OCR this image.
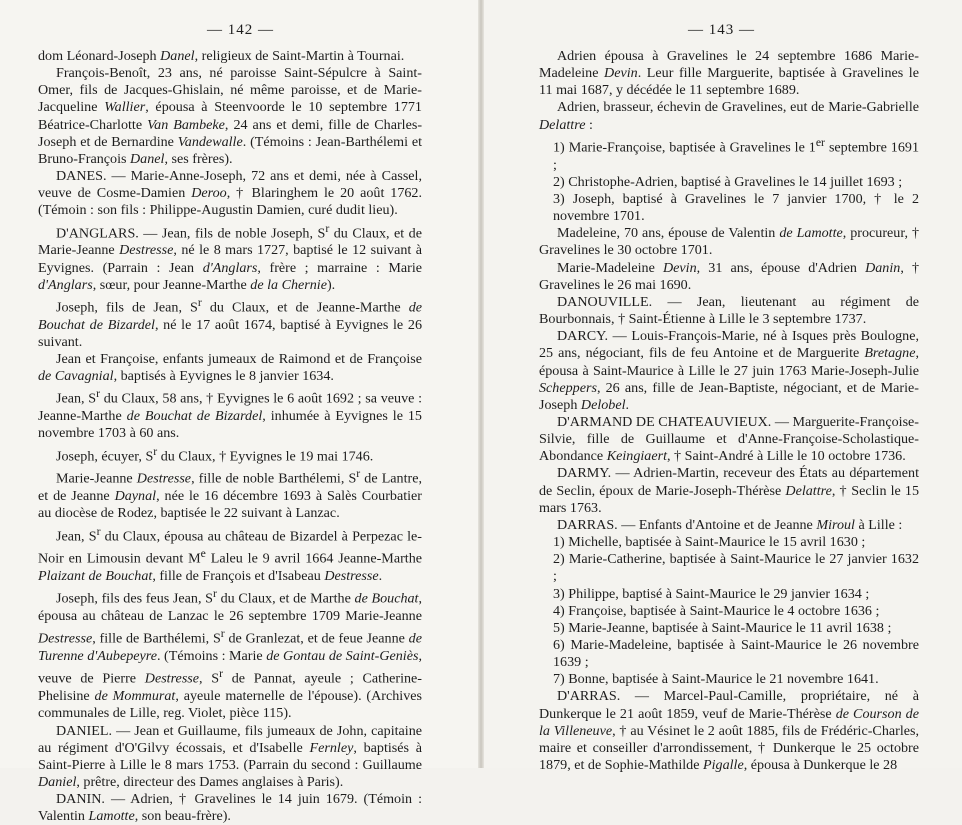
— 142 —

dom Léonard-Joseph Danel, religieux de Saint-Martin à Tournai.

François-Benoît, 23 ans, né paroisse Saint-Sépulcre à Saint-Omer, fils de Jacques-Ghislain, né même paroisse, et de Marie-Jacqueline Wallier, épousa à Steenvoorde le 10 septembre 1771 Béatrice-Charlotte Van Bambeke, 24 ans et demi, fille de Charles-Joseph et de Bernardine Vandewalle. (Témoins : Jean-Barthélemi et Bruno-François Danel, ses frères).

DANES. — Marie-Anne-Joseph, 72 ans et demi, née à Cassel, veuve de Cosme-Damien Deroo, † Blaringhem le 20 août 1762. (Témoin : son fils : Philippe-Augustin Damien, curé dudit lieu).

D'ANGLARS. — Jean, fils de noble Joseph, $S^r$ du Claux, et de Marie-Jeanne Destresse, né le 8 mars 1727, baptisé le 12 suivant à Eyvignes. (Parrain : Jean d'Anglars, frère ; marraine : Marie d'Anglars, sœur, pour Jeanne-Marthe de la Chernie).

Joseph, fils de Jean, $S^r$ du Claux, et de Jeanne-Marthe de Bouchat de Bizardel, né le 17 août 1674, baptisé à Eyvignes le 26 suivant.

Jean et Françoise, enfants jumeaux de Raimond et de Françoise de Cavagnial, baptisés à Eyvignes le 8 janvier 1634.

Jean, $S^r$ du Claux, 58 ans, † Eyvignes le 6 août 1692 ; sa veuve : Jeanne-Marthe de Bouchat de Bizardel, inhumée à Eyvignes le 15 novembre 1703 à 60 ans.

Joseph, écuyer, $S^r$ du Claux, † Eyvignes le 19 mai 1746.

Marie-Jeanne Destresse, fille de noble Barthélemi, $S^r$ de Lantre, et de Jeanne Daynal, née le 16 décembre 1693 à Salès Courbatier au diocèse de Rodez, baptisée le 22 suivant à Lanzac.

Jean, $S^r$ du Claux, épousa au château de Bizardel à Perpezac le-Noir en Limousin devant Me Laleu le 9 avril 1664 Jeanne-Marthe Plaizant de Bouchat, fille de François et d'Isabeau Destresse.

Joseph, fils des feus Jean, $S^r$ du Claux, et de Marthe de Bouchat, épousa au château de Lanzac le 26 septembre 1709 Marie-Jeanne Destresse, fille de Barthélemi, $S^r$ de Granlezat, et de feue Jeanne de Turenne d'Aubepeyre. (Témoins : Marie de Gontau de Saint-Geniès, veuve de Pierre Destresse, $S^r$ de Pannat, ayeule ; Catherine-Phelisine de Mommurat, ayeule maternelle de l'épouse). (Archives communales de Lille, reg. Violet, pièce 115).

DANIEL. — Jean et Guillaume, fils jumeaux de John, capitaine au régiment d'O'Gilvy écossais, et d'Isabelle Fernley, baptisés à Saint-Pierre à Lille le 8 mars 1753. (Parrain du second : Guillaume Daniel, prêtre, directeur des Dames anglaises à Paris).

DANIN. — Adrien, † Gravelines le 14 juin 1679. (Témoin : Valentin Lamotte, son beau-frère).

— 143 —

Adrien épousa à Gravelines le 24 septembre 1686 Marie-Madeleine Devin. Leur fille Marguerite, baptisée à Gravelines le 11 mai 1687, y décédée le 11 septembre 1689.

Adrien, brasseur, échevin de Gravelines, eut de Marie-Gabrielle Delattre :

1) Marie-Françoise, baptisée à Gravelines le 1er septembre 1691 ;

2) Christophe-Adrien, baptisé à Gravelines le 14 juillet 1693 ;

3) Joseph, baptisé à Gravelines le 7 janvier 1700, † le 2 novembre 1701.

Madeleine, 70 ans, épouse de Valentin de Lamotte, procureur, † Gravelines le 30 octobre 1701.

Marie-Madeleine Devin, 31 ans, épouse d'Adrien Danin, † Gravelines le 26 mai 1690.

DANOUVILLE. — Jean, lieutenant au régiment de Bourbonnais, † Saint-Étienne à Lille le 3 septembre 1737.

DARCY. — Louis-François-Marie, né à Isques près Boulogne, 25 ans, négociant, fils de feu Antoine et de Marguerite Bretagne, épousa à Saint-Maurice à Lille le 27 juin 1763 Marie-Joseph-Julie Scheppers, 26 ans, fille de Jean-Baptiste, négociant, et de Marie-Joseph Delobel.

D'ARMAND DE CHATEAUVIEUX. — Marguerite-Françoise-Silvie, fille de Guillaume et d'Anne-Françoise-Scholastique-Abondance Keingiaert, † Saint-André à Lille le 10 octobre 1736.

DARMY. — Adrien-Martin, receveur des États au département de Seclin, époux de Marie-Joseph-Thérèse Delattre, † Seclin le 15 mars 1763.

DARRAS. — Enfants d'Antoine et de Jeanne Miroul à Lille :

1) Michelle, baptisée à Saint-Maurice le 15 avril 1630 ;

2) Marie-Catherine, baptisée à Saint-Maurice le 27 janvier 1632 ;

3) Philippe, baptisé à Saint-Maurice le 29 janvier 1634 ;

4) Françoise, baptisée à Saint-Maurice le 4 octobre 1636 ;

5) Marie-Jeanne, baptisée à Saint-Maurice le 11 avril 1638 ;

6) Marie-Madeleine, baptisée à Saint-Maurice le 26 novembre 1639 ;

7) Bonne, baptisée à Saint-Maurice le 21 novembre 1641.

D'ARRAS. — Marcel-Paul-Camille, propriétaire, né à Dunkerque le 21 août 1859, veuf de Marie-Thérèse de Courson de la Villeneuve, † au Vésinet le 2 août 1885, fils de Frédéric-Charles, maire et conseiller d'arrondissement, † Dunkerque le 25 octobre 1879, et de Sophie-Mathilde Pigalle, épousa à Dunkerque le 28
